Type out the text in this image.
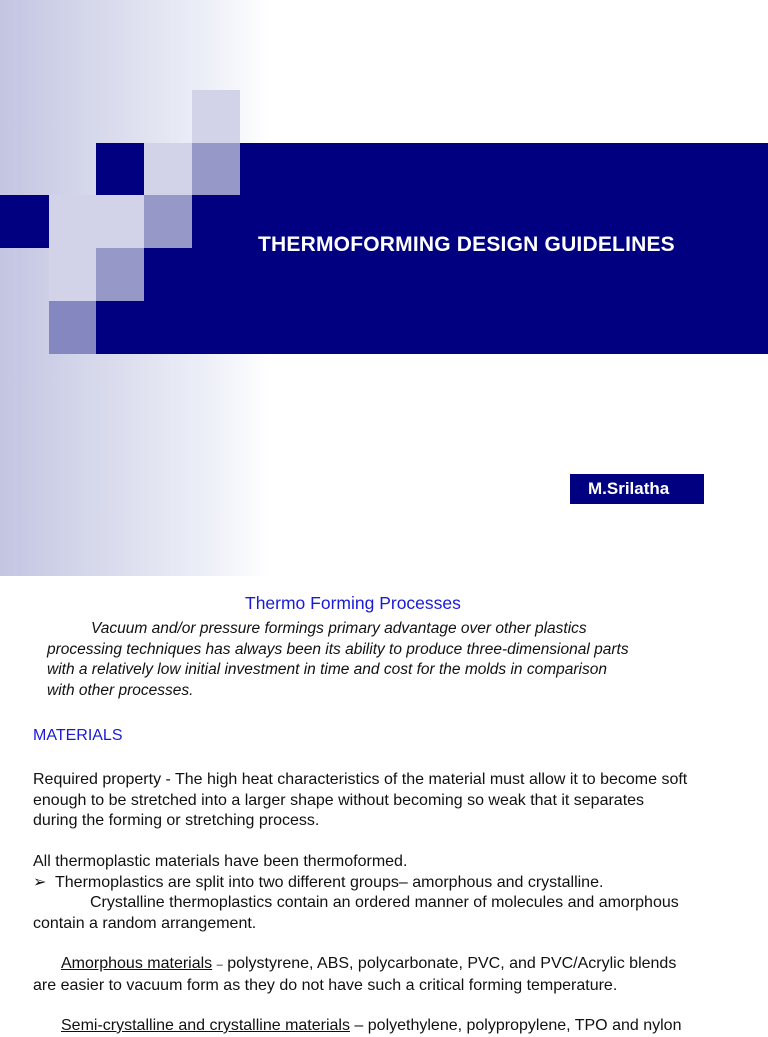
THERMOFORMING DESIGN GUIDELINES
M.Srilatha
Thermo Forming Processes
Vacuum and/or pressure formings primary advantage over other plastics
processing techniques has always been its ability to produce three-dimensional parts
with a relatively low initial investment in time and cost for the molds in comparison
with other processes.
MATERIALS
Required property - The high heat characteristics of the material must allow it to become soft
enough to be stretched into a larger shape without becoming so weak that it separates
during the forming or stretching process.
All thermoplastic materials have been thermoformed.
➢ Thermoplastics are split into two different groups– amorphous and crystalline.
Crystalline thermoplastics contain an ordered manner of molecules and amorphous
contain a random arrangement.
Amorphous materials – polystyrene, ABS, polycarbonate, PVC, and PVC/Acrylic blends
are easier to vacuum form as they do not have such a critical forming temperature.
Semi-crystalline and crystalline materials – polyethylene, polypropylene, TPO and nylon
